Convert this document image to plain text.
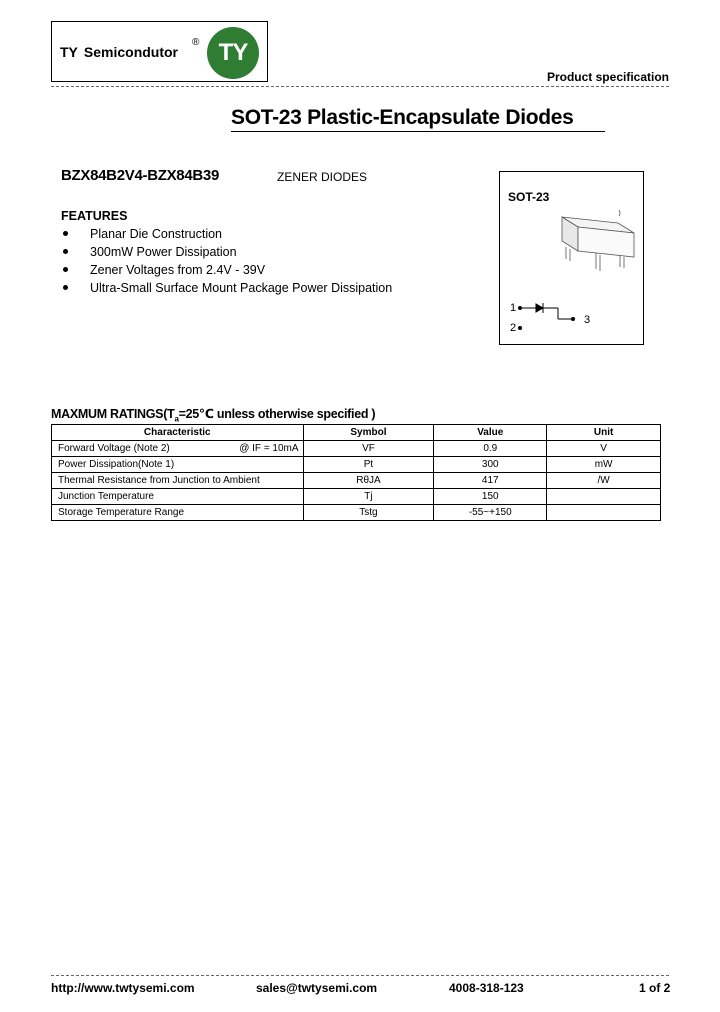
TY Semicondutor
® TY
Product specification
SOT-23 Plastic-Encapsulate Diodes
BZX84B2V4-BZX84B39	ZENER DIODES
FEATURES
Planar Die Construction
300mW Power Dissipation
Zener Voltages from 2.4V - 39V
Ultra-Small Surface Mount Package Power Dissipation
SOT-23
1
2
3
MAXMUM $RATINGS(T_a=25℃$ unless otherwise specified )
Characteristic	Symbol	Value	Unit
Forward Voltage (Note 2) @ IF = 10mA	VF	0.9	V
Power Dissipation(Note 1)	Pt	300	mW
Thermal Resistance from Junction to Ambient	RθJA	417	/W
Junction Temperature	Tj	150	
Storage Temperature Range	Tstg	-55~+150	
http://www.twtysemi.com	sales@twtysemi.com	4008-318-123	1 of 2
